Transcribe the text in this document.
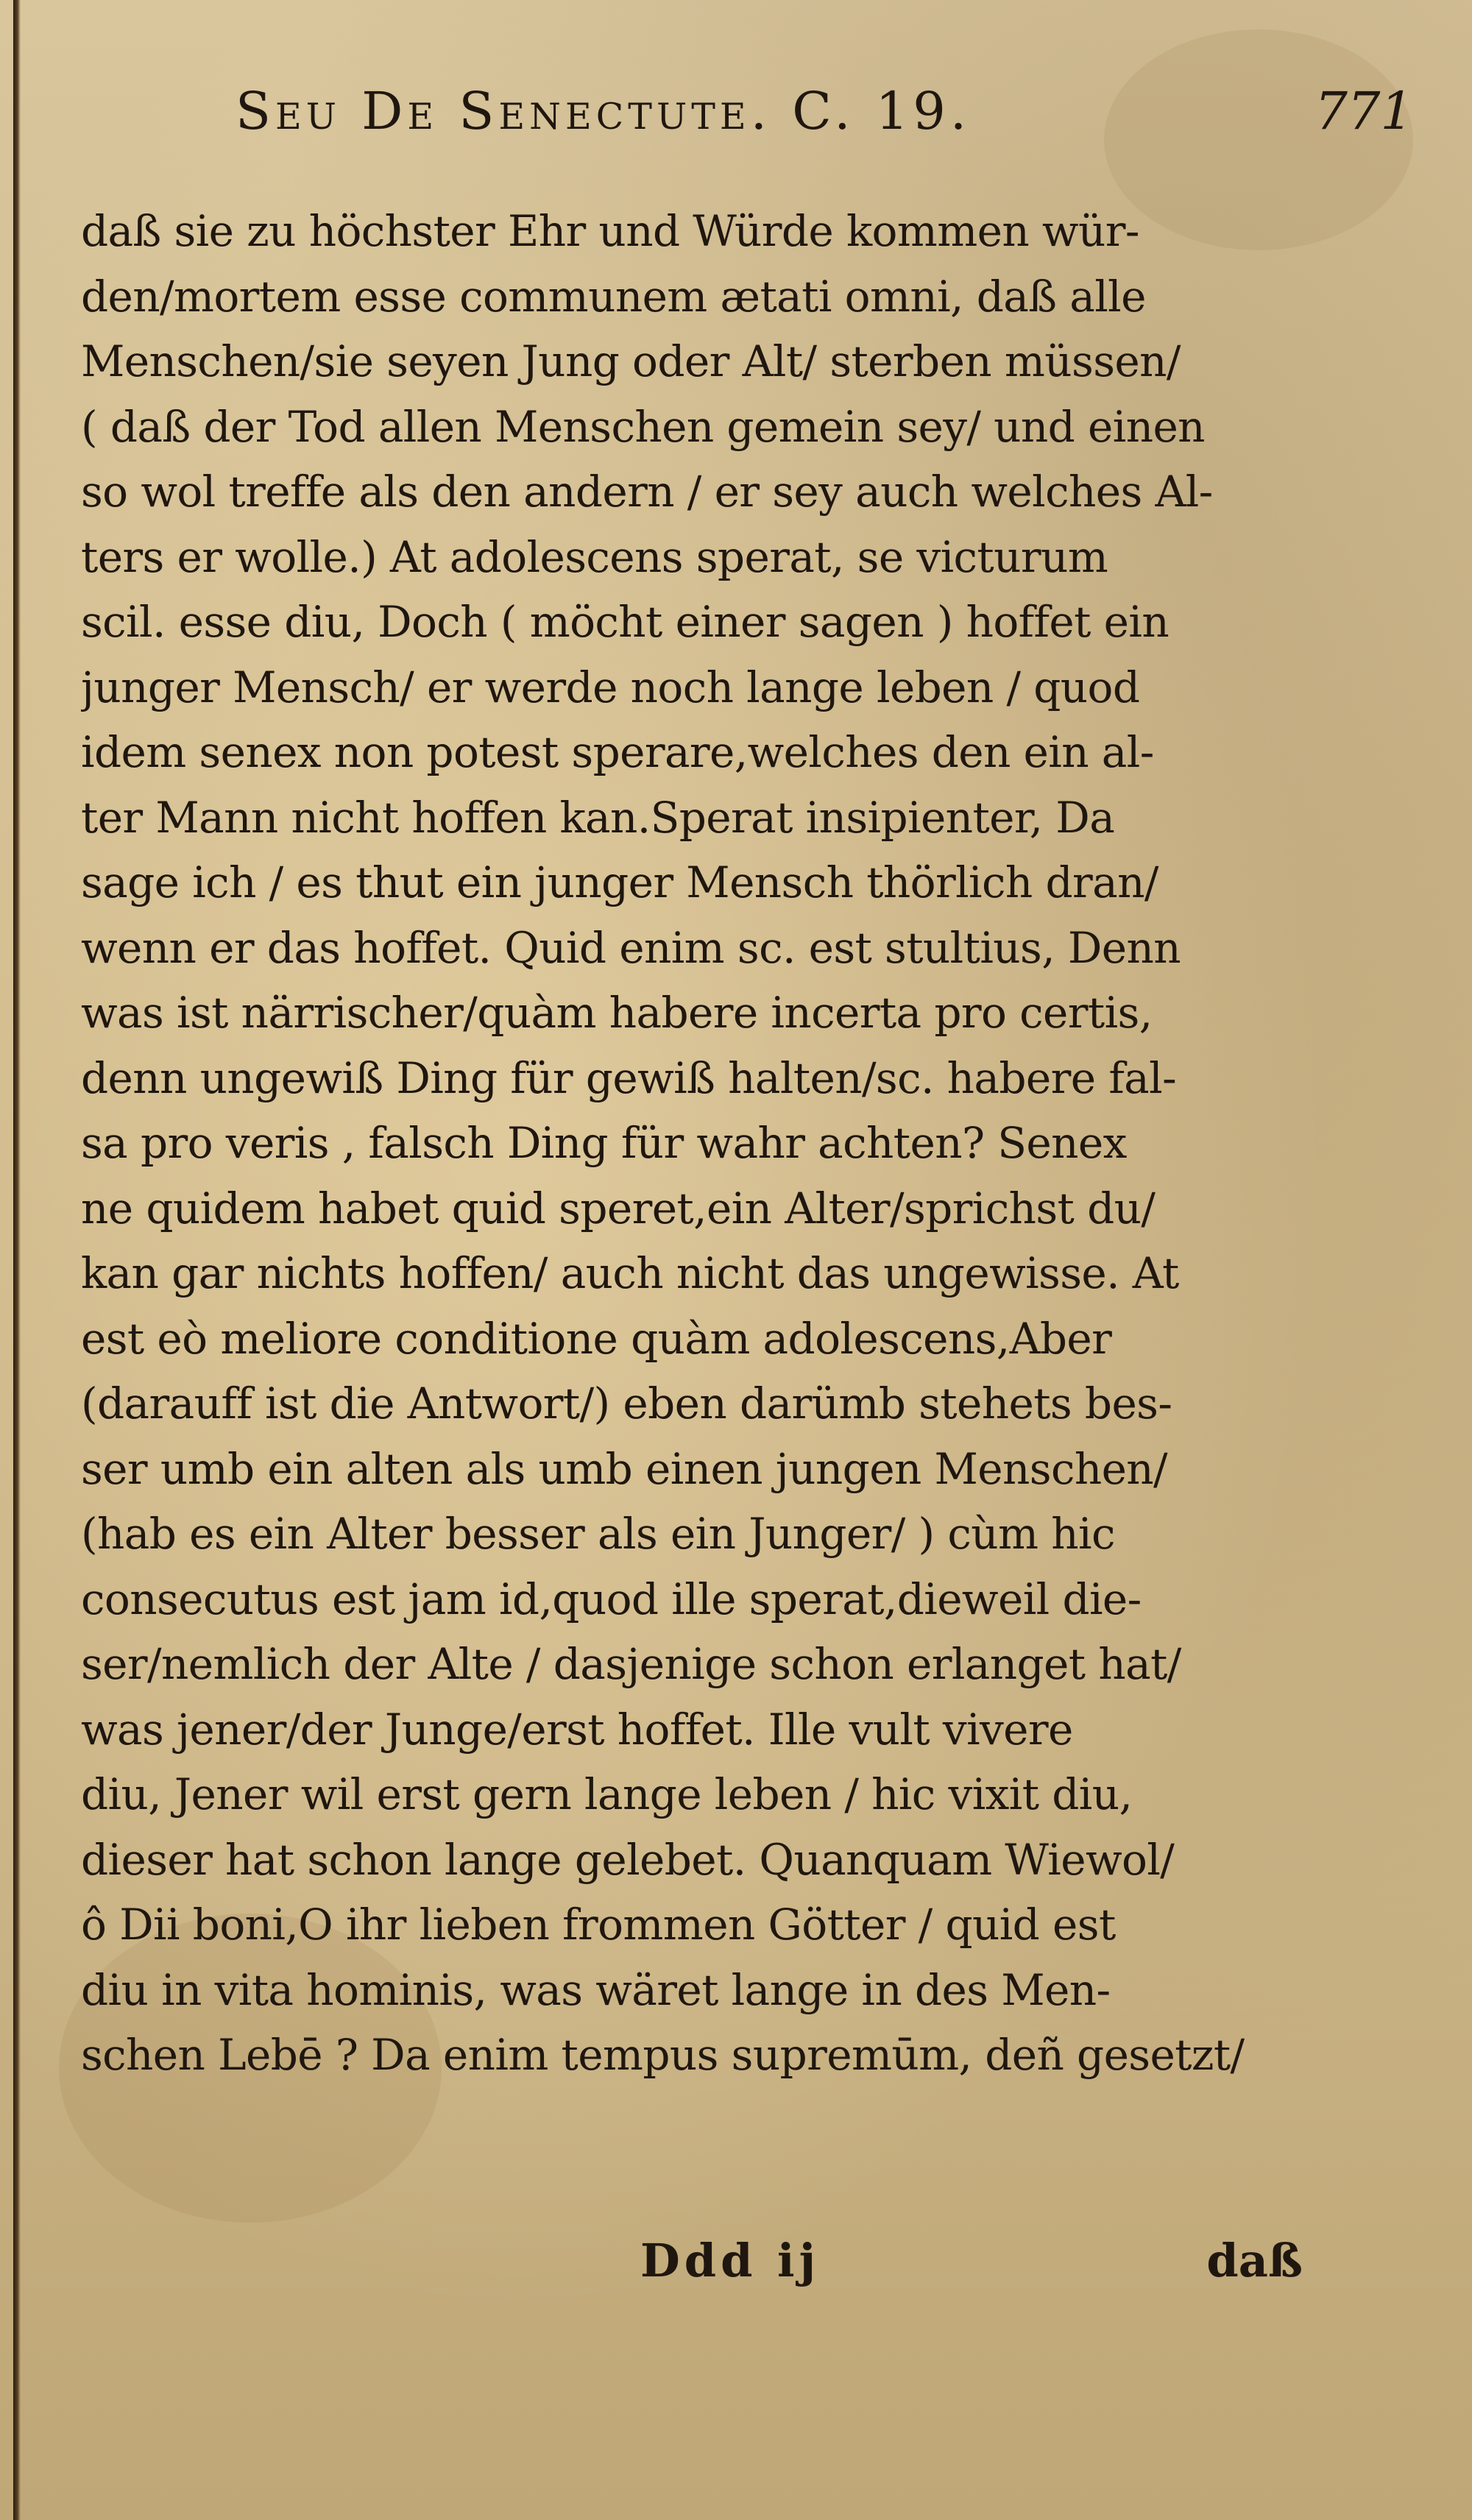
Seu De Senectute. C. 19.	771
daß sie zu höchster Ehr und Würde kommen wür-
den/mortem esse communem ætati omni, daß alle
Menschen/sie seyen Jung oder Alt/ sterben müssen/
( daß der Tod allen Menschen gemein sey/ und einen
so wol treffe als den andern / er sey auch welches Al-
ters er wolle.) At adolescens sperat, se victurum
scil. esse diu, Doch ( möcht einer sagen ) hoffet ein
junger Mensch/ er werde noch lange leben / quod
idem senex non potest sperare,welches den ein al-
ter Mann nicht hoffen kan.Sperat insipienter, Da
sage ich / es thut ein junger Mensch thörlich dran/
wenn er das hoffet. Quid enim sc. est stultius, Denn
was ist närrischer/quàm habere incerta pro certis,
denn ungewiß Ding für gewiß halten/sc. habere fal-
sa pro veris , falsch Ding für wahr achten? Senex
ne quidem habet quid speret,ein Alter/sprichst du/
kan gar nichts hoffen/ auch nicht das ungewisse. At
est eò meliore conditione quàm adolescens,Aber
(darauff ist die Antwort/) eben darümb stehets bes-
ser umb ein alten als umb einen jungen Menschen/
(hab es ein Alter besser als ein Junger/ ) cùm hic
consecutus est jam id,quod ille sperat,dieweil die-
ser/nemlich der Alte / dasjenige schon erlanget hat/
was jener/der Junge/erst hoffet. Ille vult vivere
diu, Jener wil erst gern lange leben / hic vixit diu,
dieser hat schon lange gelebet. Quanquam Wiewol/
ô Dii boni,O ihr lieben frommen Götter / quid est
diu in vita hominis, was wäret lange in des Men-
schen Lebē ? Da enim tempus supremūm, deñ gesetzt/
Ddd ij	daß
